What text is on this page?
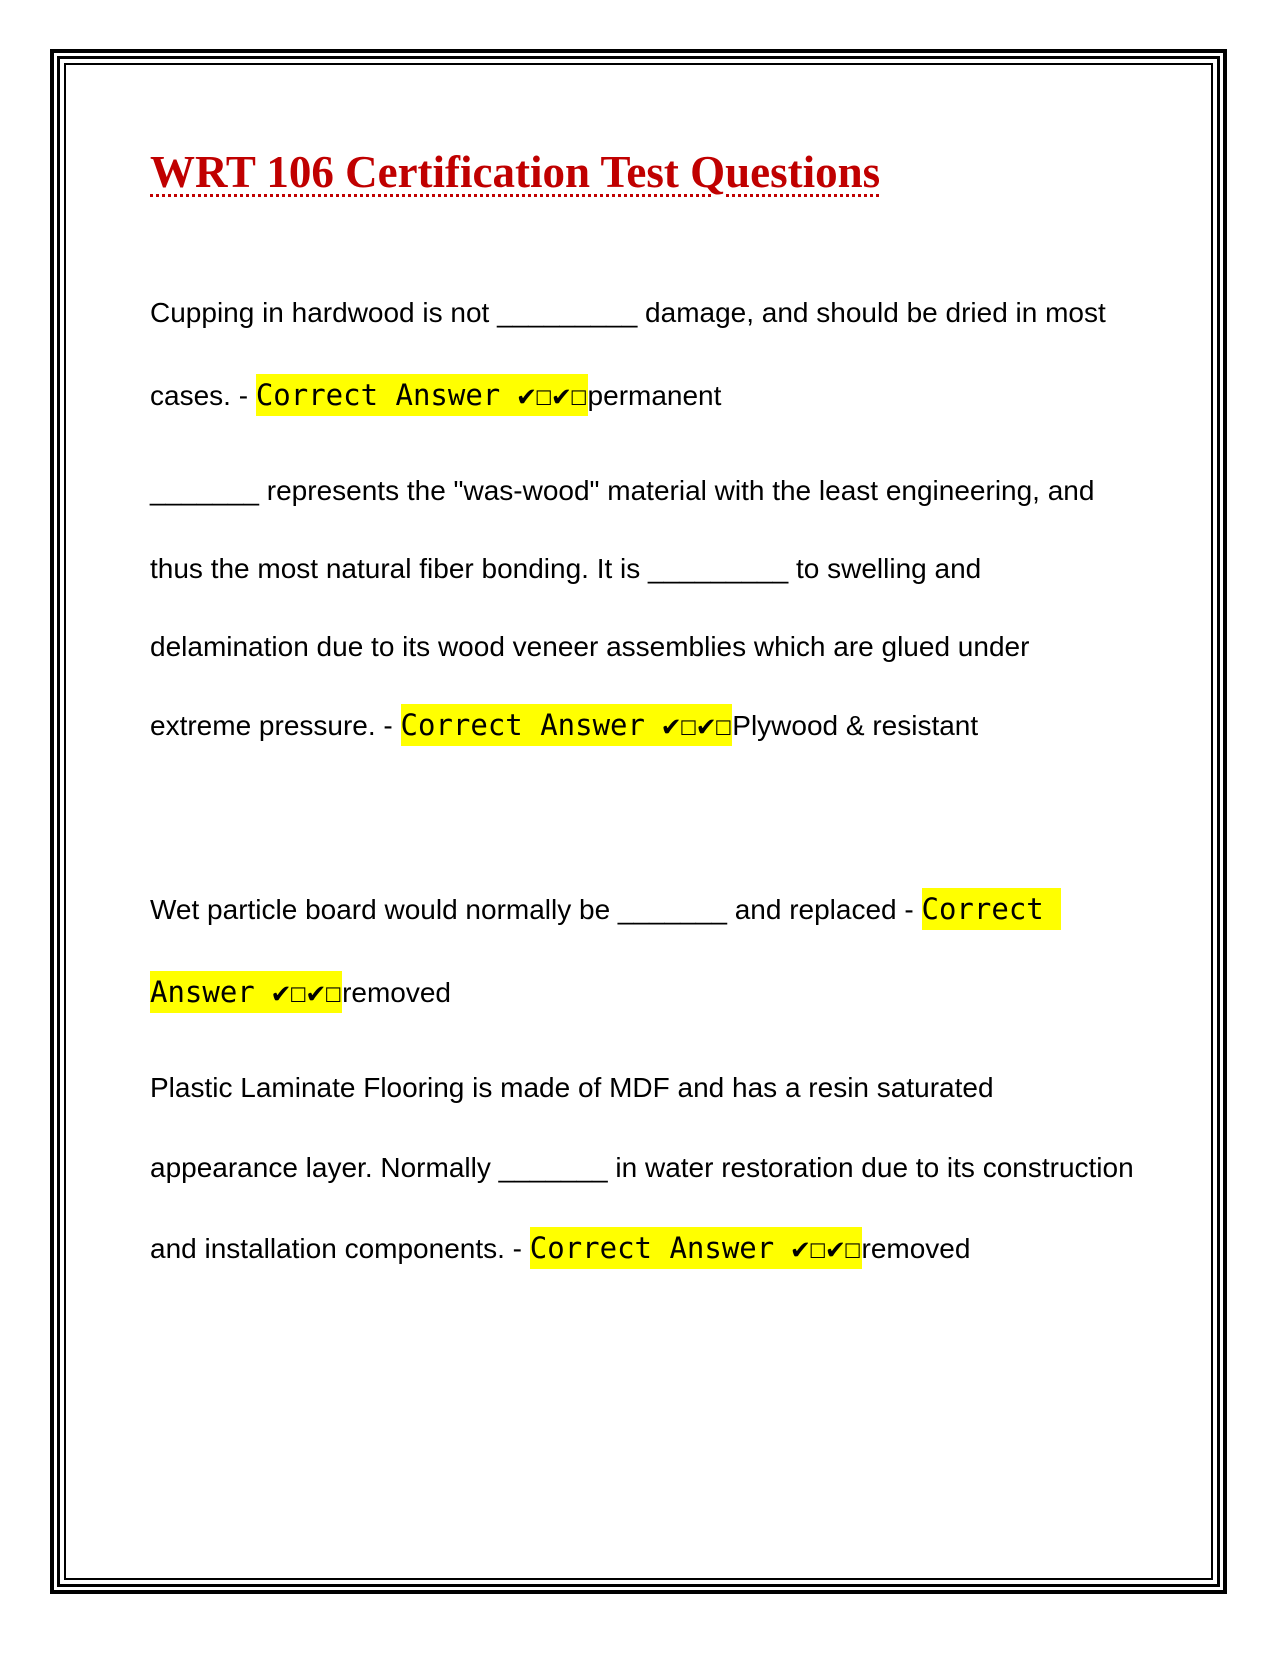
WRT 106 Certification Test Questions
Cupping in hardwood is not _________ damage, and should be dried in most cases. - Correct Answer ✔☐✔☐permanent
_______ represents the "was-wood" material with the least engineering, and thus the most natural fiber bonding. It is _________ to swelling and delamination due to its wood veneer assemblies which are glued under extreme pressure. - Correct Answer ✔☐✔☐Plywood & resistant
Wet particle board would normally be _______ and replaced - Correct Answer ✔☐✔☐removed
Plastic Laminate Flooring is made of MDF and has a resin saturated appearance layer. Normally _______ in water restoration due to its construction and installation components. - Correct Answer ✔☐✔☐removed
